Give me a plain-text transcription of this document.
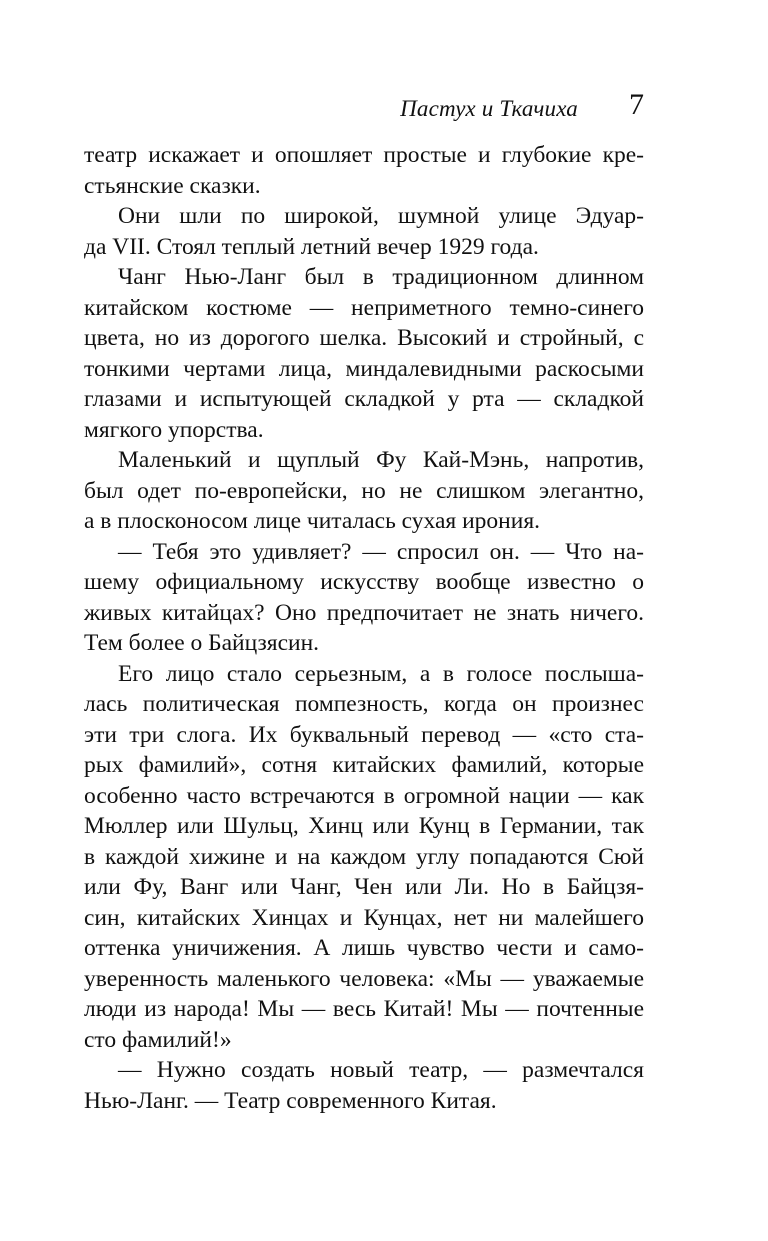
Пастух и Ткачиха 7
театр искажает и опошляет простые и глубокие кре-
стьянские сказки.
Они шли по широкой, шумной улице Эдуар-
да VII. Стоял теплый летний вечер 1929 года.
Чанг Нью-Ланг был в традиционном длинном
китайском костюме — неприметного темно-синего
цвета, но из дорогого шелка. Высокий и стройный, с
тонкими чертами лица, миндалевидными раскосыми
глазами и испытующей складкой у рта — складкой
мягкого упорства.
Маленький и щуплый Фу Кай-Мэнь, напротив,
был одет по-европейски, но не слишком элегантно,
а в плосконосом лице читалась сухая ирония.
— Тебя это удивляет? — спросил он. — Что на-
шему официальному искусству вообще известно о
живых китайцах? Оно предпочитает не знать ничего.
Тем более о Байцзясин.
Его лицо стало серьезным, а в голосе послыша-
лась политическая помпезность, когда он произнес
эти три слога. Их буквальный перевод — «сто ста-
рых фамилий», сотня китайских фамилий, которые
особенно часто встречаются в огромной нации — как
Мюллер или Шульц, Хинц или Кунц в Германии, так
в каждой хижине и на каждом углу попадаются Сюй
или Фу, Ванг или Чанг, Чен или Ли. Но в Байцзя-
син, китайских Хинцах и Кунцах, нет ни малейшего
оттенка уничижения. А лишь чувство чести и само-
уверенность маленького человека: «Мы — уважаемые
люди из народа! Мы — весь Китай! Мы — почтенные
сто фамилий!»
— Нужно создать новый театр, — размечтался
Нью-Ланг. — Театр современного Китая.
